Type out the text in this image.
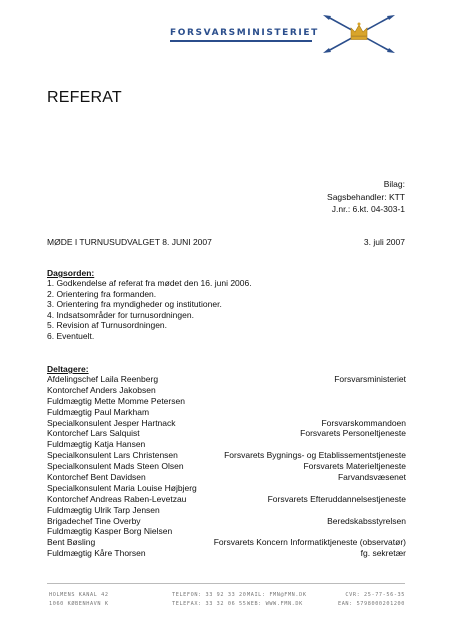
FORSVARSMINISTERIET
REFERAT
Bilag:
Sagsbehandler: KTT
J.nr.: 6.kt. 04-303-1
MØDE I TURNUSUDVALGET 8. JUNI 2007	3. juli 2007
Dagsorden:
1. Godkendelse af referat fra mødet den 16. juni 2006.
2. Orientering fra formanden.
3. Orientering fra myndigheder og institutioner.
4. Indsatsområder for turnusordningen.
5. Revision af Turnusordningen.
6. Eventuelt.
Deltagere:
Afdelingschef Laila Reenberg	Forsvarsministeriet
Kontorchef Anders Jakobsen
Fuldmægtig Mette Momme Petersen
Fuldmægtig Paul Markham
Specialkonsulent Jesper Hartnack	Forsvarskommandoen
Kontorchef Lars Salquist	Forsvarets Personeltjeneste
Fuldmægtig Katja Hansen
Specialkonsulent Lars Christensen	Forsvarets Bygnings- og Etablissementstjeneste
Specialkonsulent Mads Steen Olsen	Forsvarets Materieltjeneste
Kontorchef Bent Davidsen	Farvandsvæsenet
Specialkonsulent Maria Louise Højbjerg
Kontorchef Andreas Raben-Levetzau	Forsvarets Efteruddannelsestjeneste
Fuldmægtig Ulrik Tarp Jensen
Brigadechef Tine Overby	Beredskabsstyrelsen
Fuldmægtig Kasper Borg Nielsen
Bent Bøsling	Forsvarets Koncern Informatiktjeneste (observatør)
Fuldmægtig Kåre Thorsen	fg. sekretær
HOLMENS KANAL 42
1060 KØBENHAVN K
TELEFON: 33 92 33 20
TELEFAX: 33 32 06 55
MAIL: FMN@FMN.DK
WEB: WWW.FMN.DK
CVR: 25-77-56-35
EAN: 5798000201200
